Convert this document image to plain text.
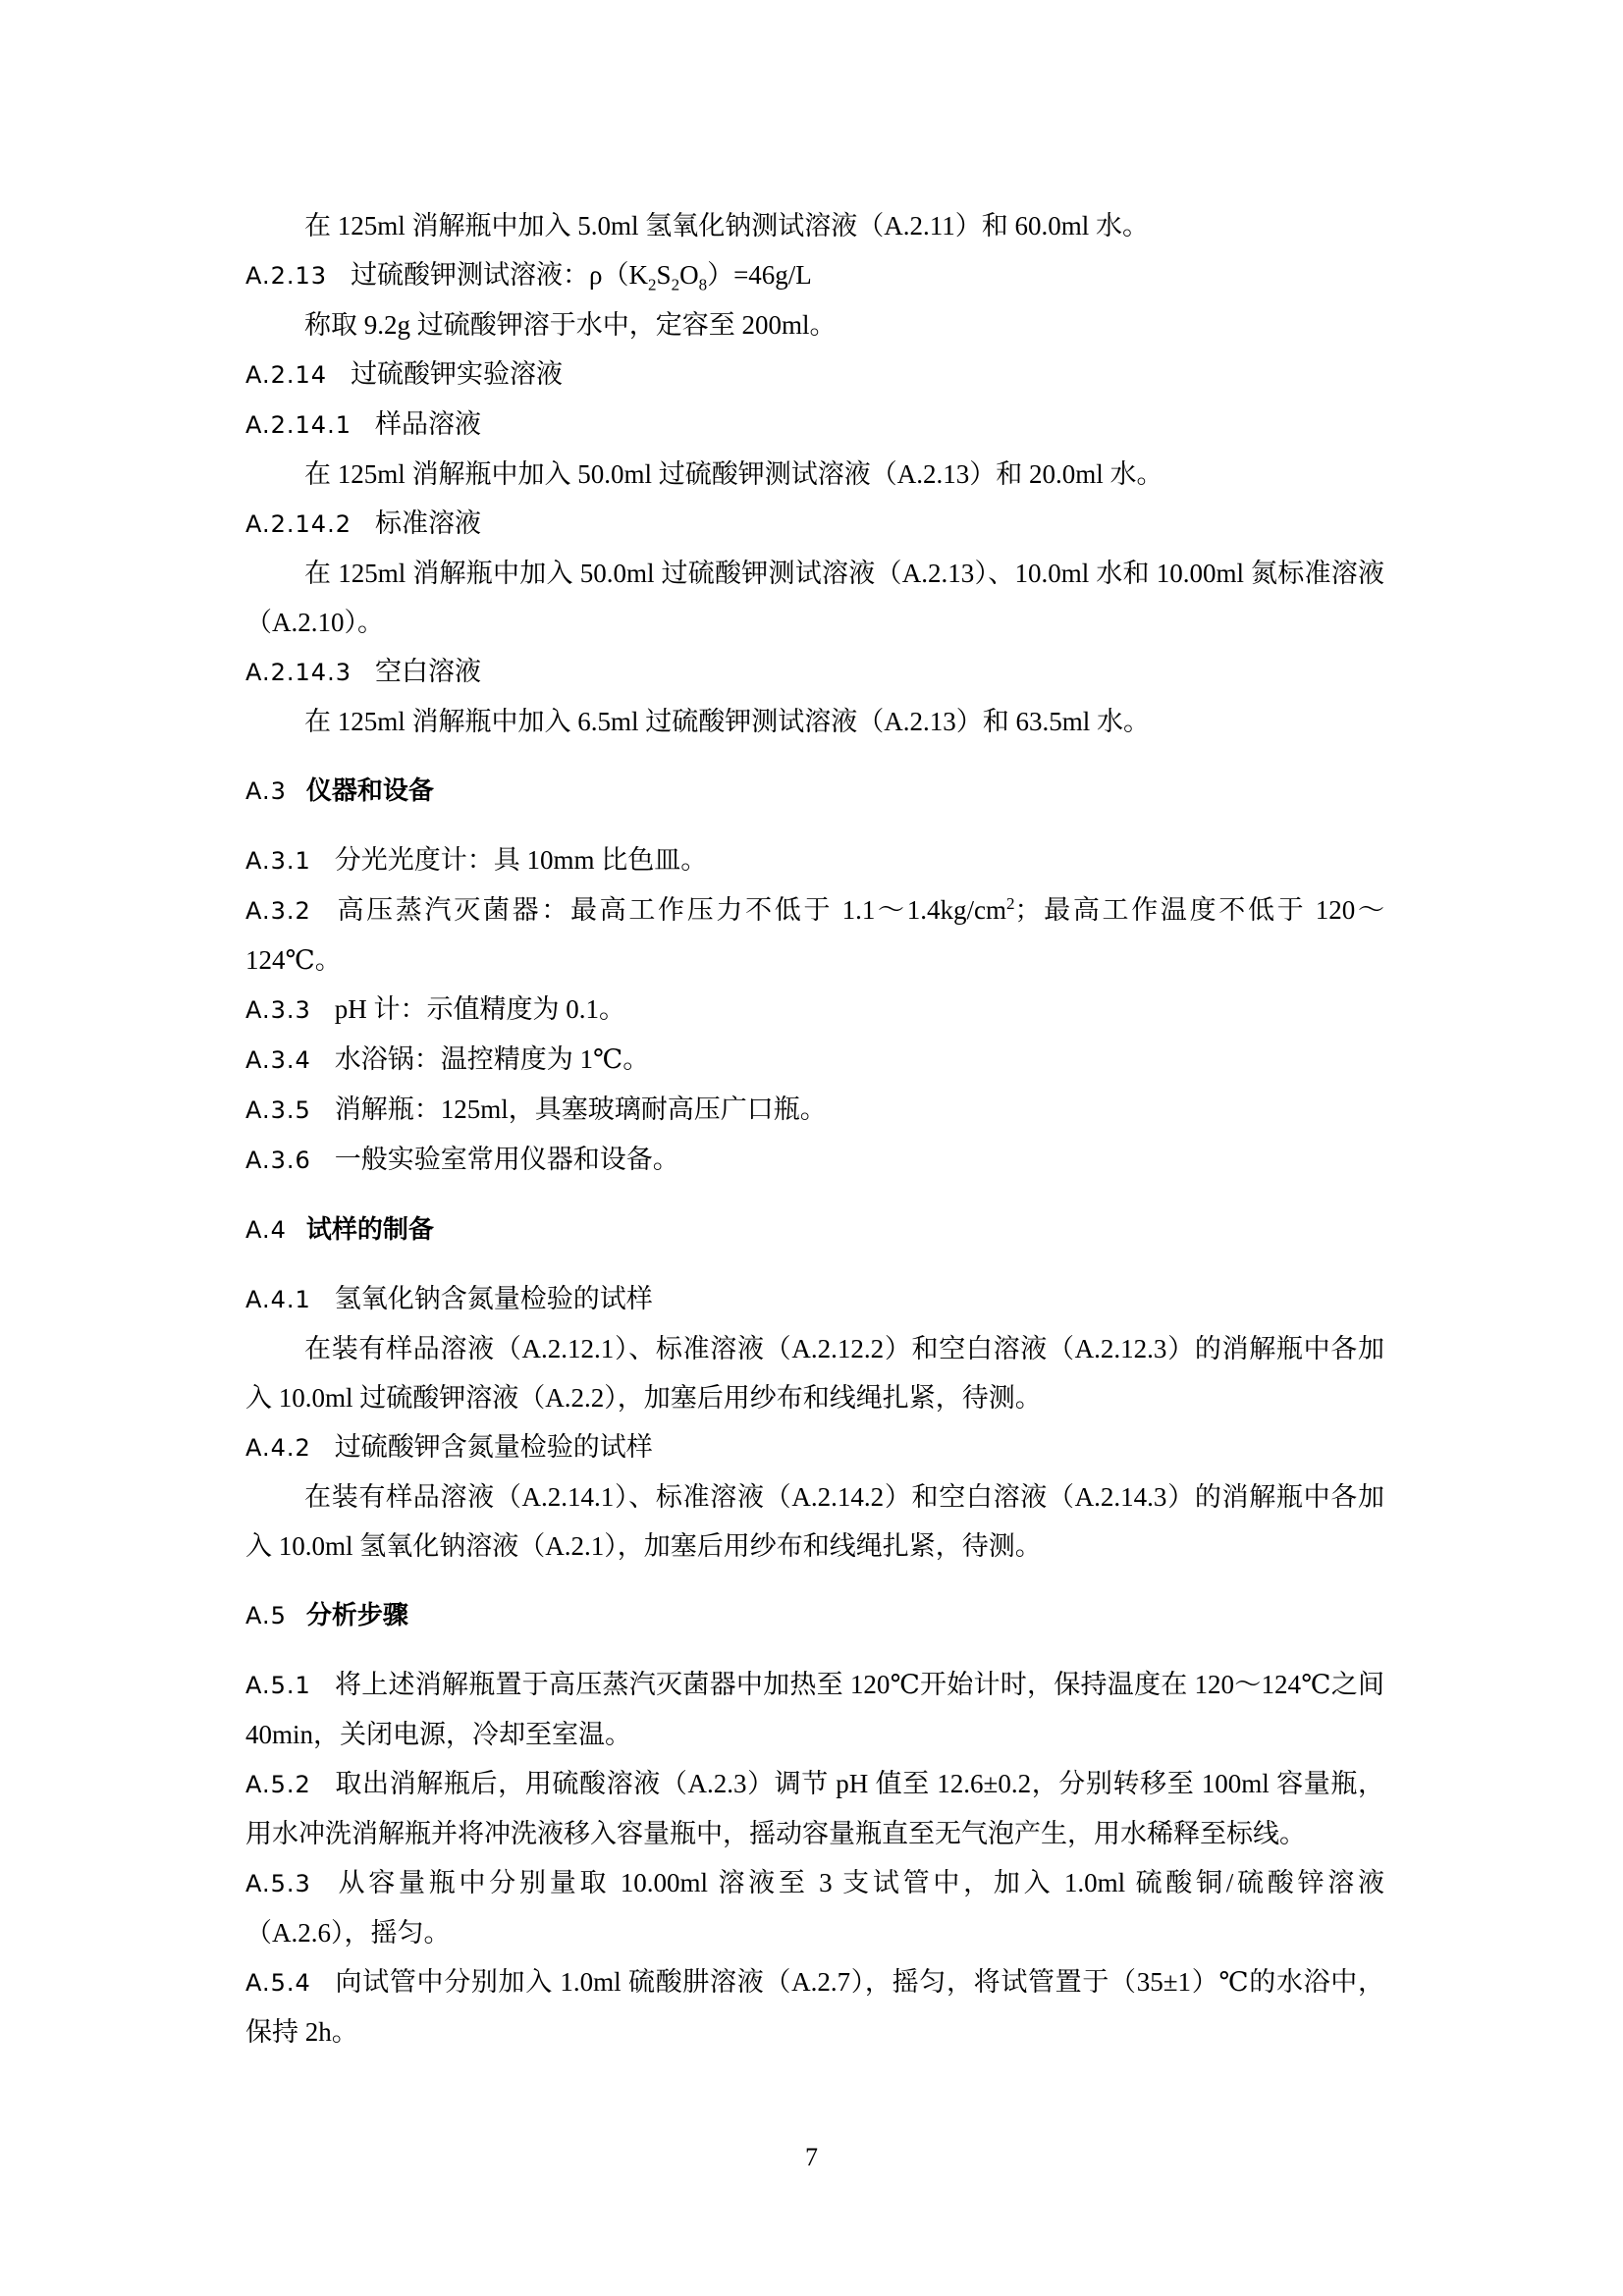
在 125ml 消解瓶中加入 5.0ml 氢氧化钠测试溶液（A.2.11）和 60.0ml 水。

A.2.13 过硫酸钾测试溶液：$\rho(K_2S_2O_8)=46g/L$

称取 9.2g 过硫酸钾溶于水中，定容至 200ml。

A.2.14 过硫酸钾实验溶液

A.2.14.1 样品溶液

在 125ml 消解瓶中加入 50.0ml 过硫酸钾测试溶液（A.2.13）和 20.0ml 水。

A.2.14.2 标准溶液

在 125ml 消解瓶中加入 50.0ml 过硫酸钾测试溶液（A.2.13）、10.0ml 水和 10.00ml 氮标准溶液（A.2.10）。

A.2.14.3 空白溶液

在 125ml 消解瓶中加入 6.5ml 过硫酸钾测试溶液（A.2.13）和 63.5ml 水。

A.3 仪器和设备

A.3.1 分光光度计：具 10mm 比色皿。

A.3.2 高压蒸汽灭菌器：最高工作压力不低于 $1.1\sim 1.4kg/cm^2$；最高工作温度不低于 120～124℃。

A.3.3 pH 计：示值精度为 0.1。

A.3.4 水浴锅：温控精度为 1℃。

A.3.5 消解瓶：125ml，具塞玻璃耐高压广口瓶。

A.3.6 一般实验室常用仪器和设备。

A.4 试样的制备

A.4.1 氢氧化钠含氮量检验的试样

在装有样品溶液（A.2.12.1）、标准溶液（A.2.12.2）和空白溶液（A.2.12.3）的消解瓶中各加入 10.0ml 过硫酸钾溶液（A.2.2），加塞后用纱布和线绳扎紧，待测。

A.4.2 过硫酸钾含氮量检验的试样

在装有样品溶液（A.2.14.1）、标准溶液（A.2.14.2）和空白溶液（A.2.14.3）的消解瓶中各加入 10.0ml 氢氧化钠溶液（A.2.1），加塞后用纱布和线绳扎紧，待测。

A.5 分析步骤

A.5.1 将上述消解瓶置于高压蒸汽灭菌器中加热至 120℃开始计时，保持温度在 120～124℃之间 40min，关闭电源，冷却至室温。

A.5.2 取出消解瓶后，用硫酸溶液（A.2.3）调节 pH 值至 12.6±0.2，分别转移至 100ml 容量瓶，用水冲洗消解瓶并将冲洗液移入容量瓶中，摇动容量瓶直至无气泡产生，用水稀释至标线。

A.5.3 从容量瓶中分别量取 10.00ml 溶液至 3 支试管中，加入 1.0ml 硫酸铜/硫酸锌溶液（A.2.6），摇匀。

A.5.4 向试管中分别加入 1.0ml 硫酸肼溶液（A.2.7），摇匀，将试管置于（35±1）℃的水浴中，保持 2h。

7
